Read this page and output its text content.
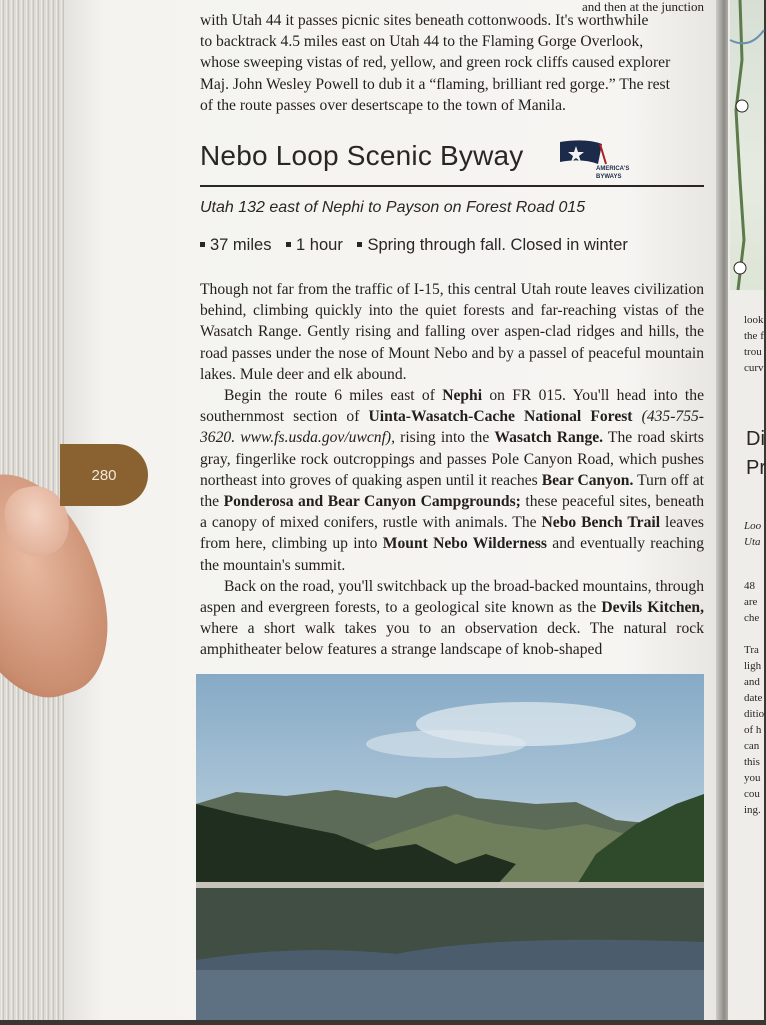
look
the f
trou
curv
Di
Pr
Loo
Uta
48
are
che
Tra
ligh
and
date
ditio
of h
can
this
you
cou
ing.
and then at the junction
with Utah 44 it passes picnic sites beneath cottonwoods. It's worthwhile
to backtrack 4.5 miles east on Utah 44 to the Flaming Gorge Overlook,
whose sweeping vistas of red, yellow, and green rock cliffs caused explorer
Maj. John Wesley Powell to dub it a “flaming, brilliant red gorge.” The rest
of the route passes over desertscape to the town of Manila.
Nebo Loop Scenic Byway	AMERICA'S
BYWAYS
Utah 132 east of Nephi to Payson on Forest Road 015
37 miles 1 hour Spring through fall. Closed in winter

Though not far from the traffic of I-15, this central Utah route leaves civilization behind, climbing quickly into the quiet forests and far-reaching vistas of the Wasatch Range. Gently rising and falling over aspen-clad ridges and hills, the road passes under the nose of Mount Nebo and by a passel of peaceful mountain lakes. Mule deer and elk abound.

Begin the route 6 miles east of Nephi on FR 015. You'll head into the southernmost section of Uinta-Wasatch-Cache National Forest (435-755-3620. www.fs.usda.gov/uwcnf), rising into the Wasatch Range. The road skirts gray, fingerlike rock outcroppings and passes Pole Canyon Road, which pushes northeast into groves of quaking aspen until it reaches Bear Canyon. Turn off at the Ponderosa and Bear Canyon Campgrounds; these peaceful sites, beneath a canopy of mixed conifers, rustle with animals. The Nebo Bench Trail leaves from here, climbing up into Mount Nebo Wilderness and eventually reaching the mountain's summit.

Back on the road, you'll switchback up the broad-backed mountains, through aspen and evergreen forests, to a geological site known as the Devils Kitchen, where a short walk takes you to an observation deck. The natural rock amphitheater below features a strange landscape of knob-shaped

280
